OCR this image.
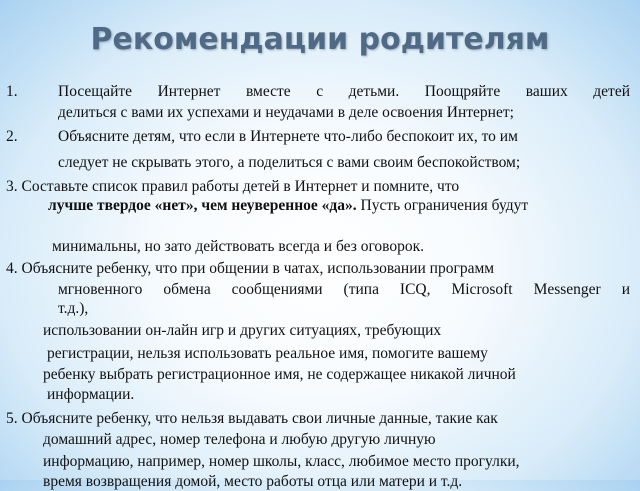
Рекомендации родителям
1.	Посещайте Интернет вместе с детьми. Поощряйте ваших детей
делиться с вами их успехами и неудачами в деле освоения Интернет;
2.	Объясните детям, что если в Интернете что-либо беспокоит их, то им
следует не скрывать этого, а поделиться с вами своим беспокойством;
3. Составьте список правил работы детей в Интернет и помните, что
лучше твердое «нет», чем неуверенное «да». Пусть ограничения будут
минимальны, но зато действовать всегда и без оговорок.
4. Объясните ребенку, что при общении в чатах, использовании программ
мгновенного обмена сообщениями (типа ICQ, Microsoft Messenger и
т.д.),
использовании он-лайн игр и других ситуациях, требующих
регистрации, нельзя использовать реальное имя, помогите вашему
ребенку выбрать регистрационное имя, не содержащее никакой личной
информации.
5. Объясните ребенку, что нельзя выдавать свои личные данные, такие как
домашний адрес, номер телефона и любую другую личную
информацию, например, номер школы, класс, любимое место прогулки,
время возвращения домой, место работы отца или матери и т.д.
